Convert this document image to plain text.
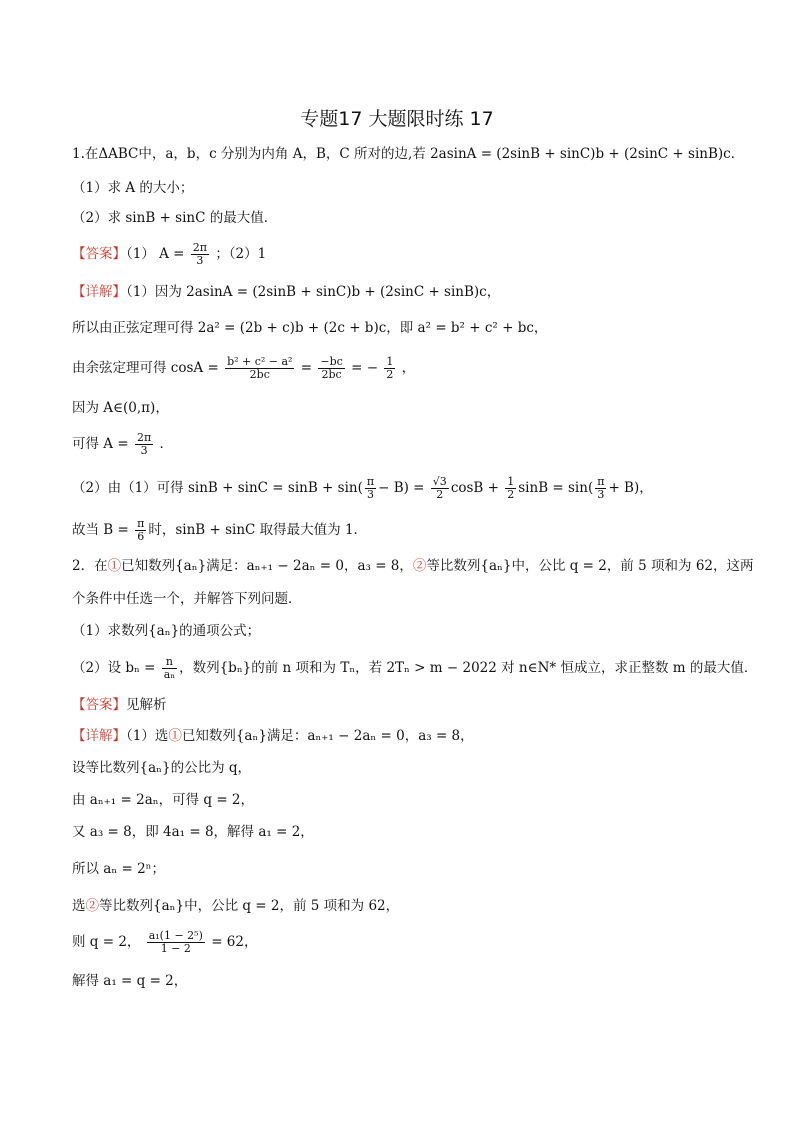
专题17 大题限时练 17
1.在ΔABC中，a，b，c 分别为内角 A，B，C 所对的边,若 2asinA = (2sinB + sinC)b + (2sinC + sinB)c．
（1）求 A 的大小；
（2）求 sinB + sinC 的最大值．
【答案】（1） $A = \frac{2\pi}{3}$ ；（2）1
【详解】（1）因为 2asinA = (2sinB + sinC)b + (2sinC + sinB)c，
所以由正弦定理可得 2a² = (2b + c)b + (2c + b)c，即 a² = b² + c² + bc，
由余弦定理可得 $\cos A = \frac{\text{b² + c² − a²}}{2bc} = \frac{-bc}{2bc}$ = − $\frac{1}{2}$ ，
因为 A∈(0,π)，
可得 $A = \frac{2\pi}{3}$ ．
（2）由（1）可得 $\sin B + \sin C = \sin B + \sin( \frac{\pi}{3} - B) = \frac{√3}{2}$ $\cos B + \frac{1}{2}$ $\sin B = \sin( \frac{\pi}{3} + B)$，
故当 $B = \frac{\pi}{6}$ 时，sinB + sinC 取得最大值为 1．
2．在①已知数列{aₙ}满足：aₙ₊₁ − 2aₙ = 0，a₃ = 8，②等比数列{aₙ}中，公比 q = 2，前 5 项和为 62，这两
个条件中任选一个，并解答下列问题．
（1）求数列{aₙ}的通项公式；
（2）设 $b_n = \frac{n}{\text{aₙ}}$ ，数列{bₙ}的前 n 项和为 Tₙ，若 2Tₙ > m − 2022 对 n∈N* 恒成立，求正整数 m 的最大值．
【答案】见解析
【详解】（1）选①已知数列{aₙ}满足：aₙ₊₁ − 2aₙ = 0，a₃ = 8，
设等比数列{aₙ}的公比为 q，
由 aₙ₊₁ = 2aₙ，可得 q = 2，
又 a₃ = 8，即 4a₁ = 8，解得 a₁ = 2，
所以 aₙ = 2ⁿ；
选②等比数列{aₙ}中，公比 q = 2，前 5 项和为 62，
则 q = 2， $\frac{\text{a₁(1 − 2⁵)}}{1 - 2} = 62$，
解得 a₁ = q = 2，
